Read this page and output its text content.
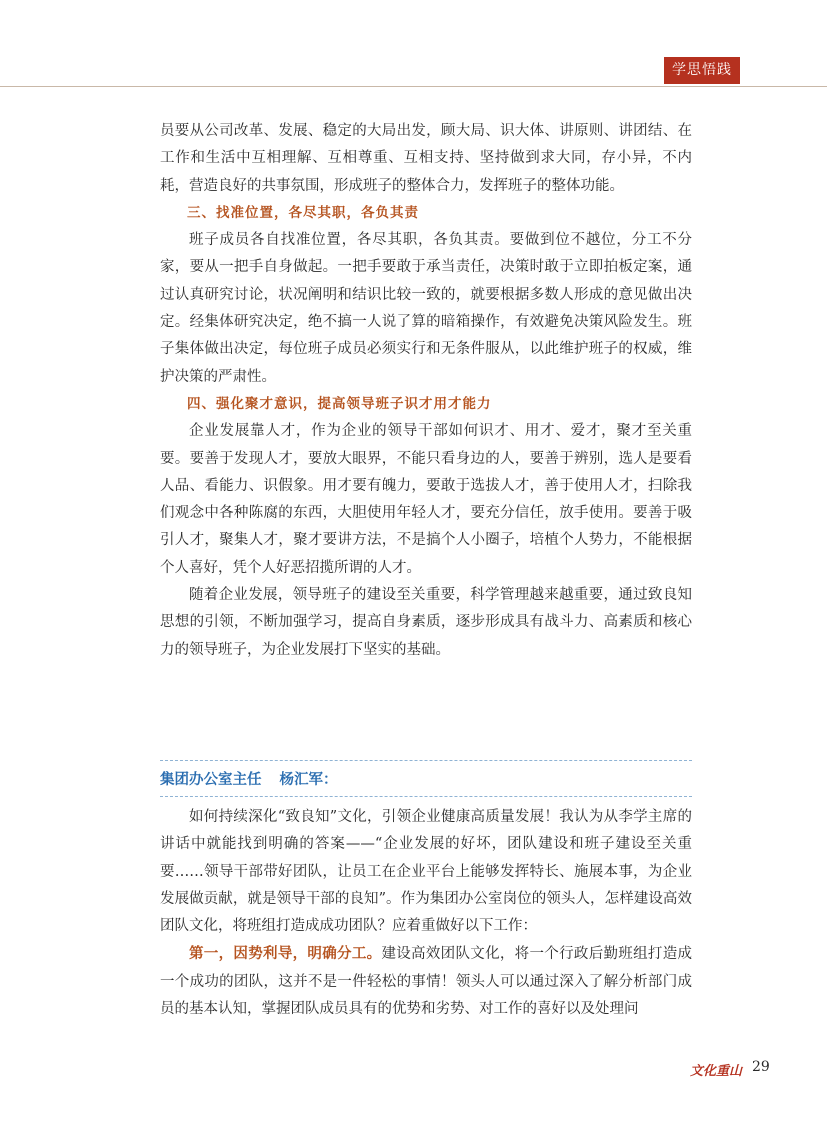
学思悟践

员要从公司改革、发展、稳定的大局出发，顾大局、识大体、讲原则、讲团结、在工作和生活中互相理解、互相尊重、互相支持、坚持做到求大同，存小异，不内耗，营造良好的共事氛围，形成班子的整体合力，发挥班子的整体功能。

三、找准位置，各尽其职，各负其责

班子成员各自找准位置，各尽其职，各负其责。要做到位不越位，分工不分家，要从一把手自身做起。一把手要敢于承当责任，决策时敢于立即拍板定案，通过认真研究讨论，状况阐明和结识比较一致的，就要根据多数人形成的意见做出决定。经集体研究决定，绝不搞一人说了算的暗箱操作，有效避免决策风险发生。班子集体做出决定，每位班子成员必须实行和无条件服从，以此维护班子的权威，维护决策的严肃性。

四、强化聚才意识，提高领导班子识才用才能力

企业发展靠人才，作为企业的领导干部如何识才、用才、爱才，聚才至关重要。要善于发现人才，要放大眼界，不能只看身边的人，要善于辨别，选人是要看人品、看能力、识假象。用才要有魄力，要敢于选拔人才，善于使用人才，扫除我们观念中各种陈腐的东西，大胆使用年轻人才，要充分信任，放手使用。要善于吸引人才，聚集人才，聚才要讲方法，不是搞个人小圈子，培植个人势力，不能根据个人喜好，凭个人好恶招揽所谓的人才。

随着企业发展，领导班子的建设至关重要，科学管理越来越重要，通过致良知思想的引领，不断加强学习，提高自身素质，逐步形成具有战斗力、高素质和核心力的领导班子，为企业发展打下坚实的基础。

集团办公室主任 杨汇军：

如何持续深化“致良知”文化，引领企业健康高质量发展！我认为从李学主席的讲话中就能找到明确的答案——“企业发展的好坏，团队建设和班子建设至关重要……领导干部带好团队，让员工在企业平台上能够发挥特长、施展本事，为企业发展做贡献，就是领导干部的良知”。作为集团办公室岗位的领头人，怎样建设高效团队文化，将班组打造成成功团队？应着重做好以下工作：

第一，因势利导，明确分工。建设高效团队文化，将一个行政后勤班组打造成一个成功的团队，这并不是一件轻松的事情！领头人可以通过深入了解分析部门成员的基本认知，掌握团队成员具有的优势和劣势、对工作的喜好以及处理问

文化重山 29
